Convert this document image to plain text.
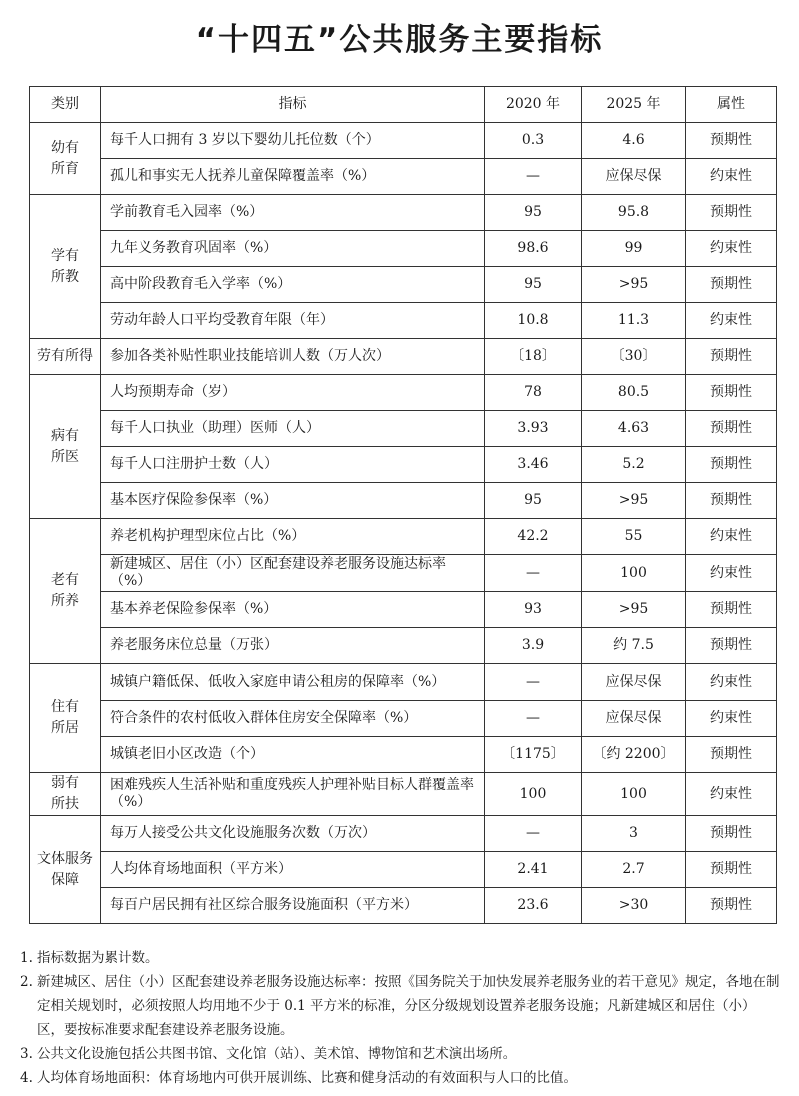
“十四五”公共服务主要指标
类别	指标	2020 年	2025 年	属性

幼有
所育	每千人口拥有 3 岁以下婴幼儿托位数（个）	0.3	4.6	预期性
	孤儿和事实无人抚养儿童保障覆盖率（%）	—	应保尽保	约束性

学有
所教	学前教育毛入园率（%）	95	95.8	预期性
	九年义务教育巩固率（%）	98.6	99	约束性
	高中阶段教育毛入学率（%）	95	>95	预期性
	劳动年龄人口平均受教育年限（年）	10.8	11.3	约束性

劳有所得	参加各类补贴性职业技能培训人数（万人次）	〔18〕	〔30〕	预期性

病有
所医	人均预期寿命（岁）	78	80.5	预期性
	每千人口执业（助理）医师（人）	3.93	4.63	预期性
	每千人口注册护士数（人）	3.46	5.2	预期性
	基本医疗保险参保率（%）	95	>95	预期性

老有
所养	养老机构护理型床位占比（%）	42.2	55	约束性
	新建城区、居住（小）区配套建设养老服务设施达标率（%）	—	100	约束性
	基本养老保险参保率（%）	93	>95	预期性
	养老服务床位总量（万张）	3.9	约 7.5	预期性

住有
所居	城镇户籍低保、低收入家庭申请公租房的保障率（%）	—	应保尽保	约束性
	符合条件的农村低收入群体住房安全保障率（%）	—	应保尽保	约束性
	城镇老旧小区改造（个）	〔1175〕	〔约 2200〕	预期性

弱有
所扶	困难残疾人生活补贴和重度残疾人护理补贴目标人群覆盖率（%）	100	100	约束性

文体服务
保障	每万人接受公共文化设施服务次数（万次）	—	3	预期性
	人均体育场地面积（平方米）	2.41	2.7	预期性
	每百户居民拥有社区综合服务设施面积（平方米）	23.6	>30	预期性
1. 指标数据为累计数。
2. 新建城区、居住（小）区配套建设养老服务设施达标率：按照《国务院关于加快发展养老服务业的若干意见》规定，各地在制定相关规划时，必须按照人均用地不少于 0.1 平方米的标准，分区分级规划设置养老服务设施；凡新建城区和居住（小）区，要按标准要求配套建设养老服务设施。
3. 公共文化设施包括公共图书馆、文化馆（站）、美术馆、博物馆和艺术演出场所。
4. 人均体育场地面积：体育场地内可供开展训练、比赛和健身活动的有效面积与人口的比值。
